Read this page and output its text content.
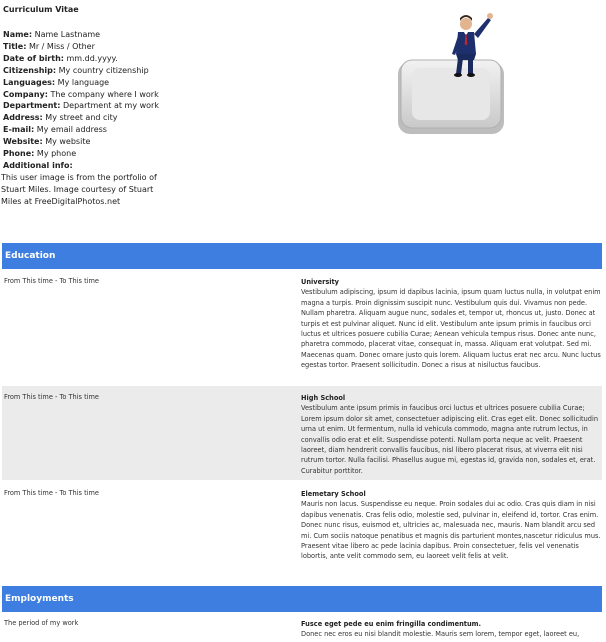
Curriculum Vitae
Name: Name Lastname
Title: Mr / Miss / Other
Date of birth: mm.dd.yyyy.
Citizenship: My country citizenship
Languages: My language
Company: The company where I work
Department: Department at my work
Address: My street and city
E-mail: My email address
Website: My website
Phone: My phone
Additional info:
This user image is from the portfolio of Stuart Miles. Image courtesy of Stuart Miles at FreeDigitalPhotos.net
Education
From This time - To This time	University
Vestibulum adipiscing, ipsum id dapibus lacinia, ipsum quam luctus nulla, in volutpat enim magna a turpis. Proin dignissim suscipit nunc. Vestibulum quis dui. Vivamus non pede. Nullam pharetra. Aliquam augue nunc, sodales et, tempor ut, rhoncus ut, justo. Donec at turpis et est pulvinar aliquet. Nunc id elit. Vestibulum ante ipsum primis in faucibus orci luctus et ultrices posuere cubilia Curae; Aenean vehicula tempus risus. Donec ante nunc, pharetra commodo, placerat vitae, consequat in, massa. Aliquam erat volutpat. Sed mi. Maecenas quam. Donec ornare justo quis lorem. Aliquam luctus erat nec arcu. Nunc luctus egestas tortor. Praesent sollicitudin. Donec a risus at nisiluctus faucibus.
From This time - To This time	High School
Vestibulum ante ipsum primis in faucibus orci luctus et ultrices posuere cubilia Curae; Lorem ipsum dolor sit amet, consectetuer adipiscing elit. Cras eget elit. Donec sollicitudin urna ut enim. Ut fermentum, nulla id vehicula commodo, magna ante rutrum lectus, in convallis odio erat et elit. Suspendisse potenti. Nullam porta neque ac velit. Praesent laoreet, diam hendrerit convallis faucibus, nisl libero placerat risus, at viverra elit nisi rutrum tortor. Nulla facilisi. Phasellus augue mi, egestas id, gravida non, sodales et, erat. Curabitur porttitor.
From This time - To This time	Elemetary School
Mauris non lacus. Suspendisse eu neque. Proin sodales dui ac odio. Cras quis diam in nisi dapibus venenatis. Cras felis odio, molestie sed, pulvinar in, eleifend id, tortor. Cras enim. Donec nunc risus, euismod et, ultricies ac, malesuada nec, mauris. Nam blandit arcu sed mi. Cum sociis natoque penatibus et magnis dis parturient montes,nascetur ridiculus mus. Praesent vitae libero ac pede lacinia dapibus. Proin consectetuer, felis vel venenatis lobortis, ante velit commodo sem, eu laoreet velit felis at velit.
Employments
The period of my work	Fusce eget pede eu enim fringilla condimentum.
Donec nec eros eu nisi blandit molestie. Mauris sem lorem, tempor eget, laoreet eu,
